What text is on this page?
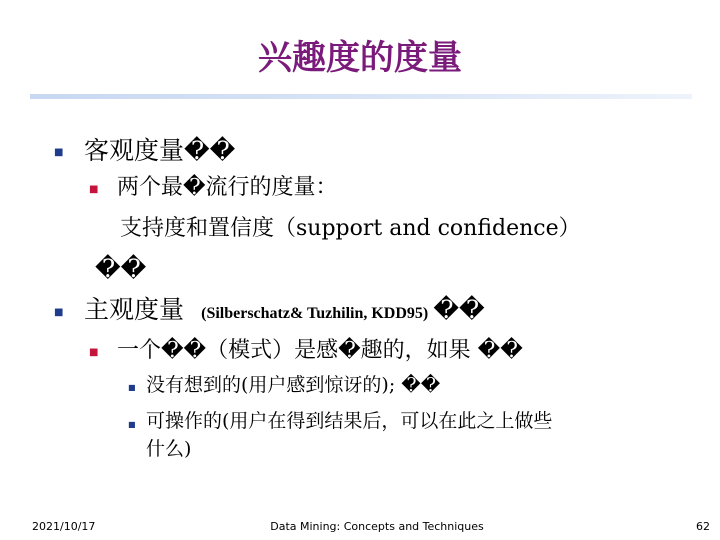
兴趣度的度量
■ 客观度量��
■ 两个最�流行的度量：
支持度和置信度（support and confidence）
��
■ 主观度量 (Silberschatz& Tuzhilin, KDD95) ��
■ 一个��（模式）是感�趣的，如果 ��
■ 没有想到的(用户感到惊讶的); ��
■ 可操作的(用户在得到结果后，可以在此之上做些
什么)
2021/10/17	Data Mining: Concepts and Techniques	62
